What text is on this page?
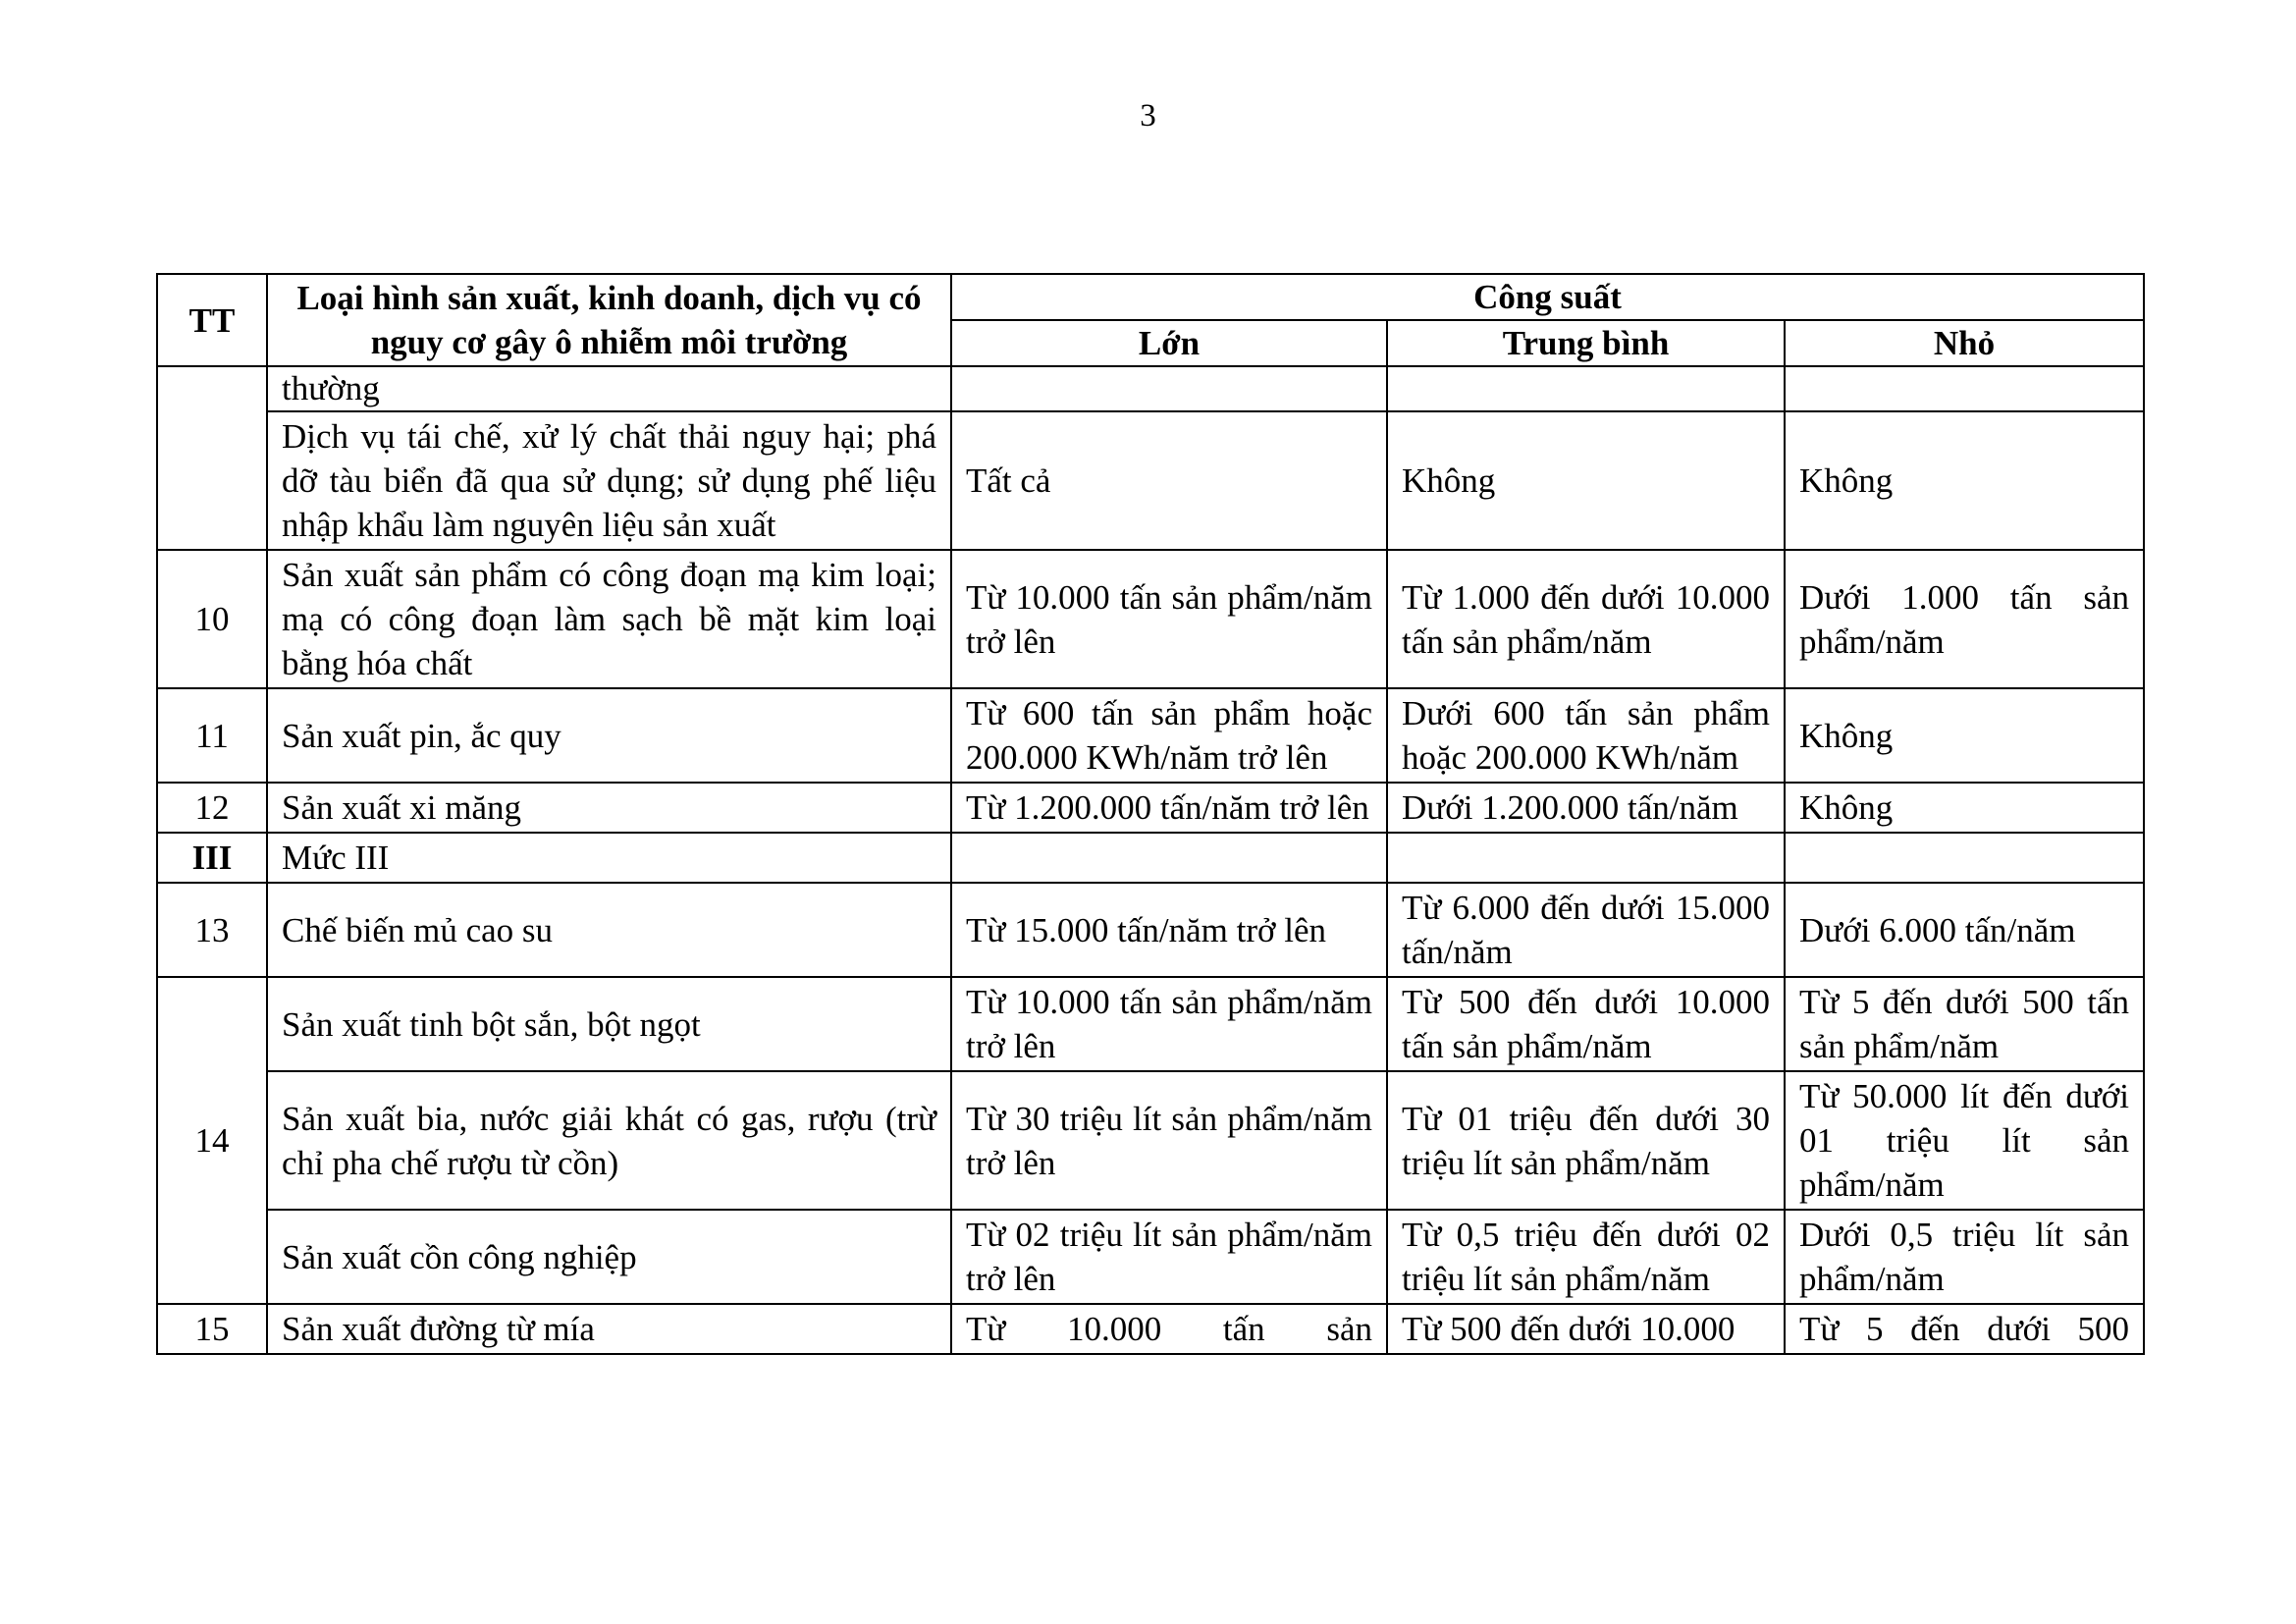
3
TT	Loại hình sản xuất, kinh doanh, dịch vụ có nguy cơ gây ô nhiễm môi trường	Công suất		
		Lớn	Trung bình	Nhỏ
	thường			
	Dịch vụ tái chế, xử lý chất thải nguy hại; phá dỡ tàu biển đã qua sử dụng; sử dụng phế liệu nhập khẩu làm nguyên liệu sản xuất	Tất cả	Không	Không
10	Sản xuất sản phẩm có công đoạn mạ kim loại; mạ có công đoạn làm sạch bề mặt kim loại bằng hóa chất	Từ 10.000 tấn sản phẩm/năm trở lên	Từ 1.000 đến dưới 10.000 tấn sản phẩm/năm	Dưới 1.000 tấn sản phẩm/năm
11	Sản xuất pin, ắc quy	Từ 600 tấn sản phẩm hoặc 200.000 KWh/năm trở lên	Dưới 600 tấn sản phẩm hoặc 200.000 KWh/năm	Không
12	Sản xuất xi măng	Từ 1.200.000 tấn/năm trở lên	Dưới 1.200.000 tấn/năm	Không
III	Mức III			
13	Chế biến mủ cao su	Từ 15.000 tấn/năm trở lên	Từ 6.000 đến dưới 15.000 tấn/năm	Dưới 6.000 tấn/năm
14	Sản xuất tinh bột sắn, bột ngọt	Từ 10.000 tấn sản phẩm/năm trở lên	Từ 500 đến dưới 10.000 tấn sản phẩm/năm	Từ 5 đến dưới 500 tấn sản phẩm/năm
	Sản xuất bia, nước giải khát có gas, rượu (trừ chỉ pha chế rượu từ cồn)	Từ 30 triệu lít sản phẩm/năm trở lên	Từ 01 triệu đến dưới 30 triệu lít sản phẩm/năm	Từ 50.000 lít đến dưới 01 triệu lít sản phẩm/năm
	Sản xuất cồn công nghiệp	Từ 02 triệu lít sản phẩm/năm trở lên	Từ 0,5 triệu đến dưới 02 triệu lít sản phẩm/năm	Dưới 0,5 triệu lít sản phẩm/năm
15	Sản xuất đường từ mía	Từ 10.000 tấn sản	Từ 500 đến dưới 10.000	Từ 5 đến dưới 500
